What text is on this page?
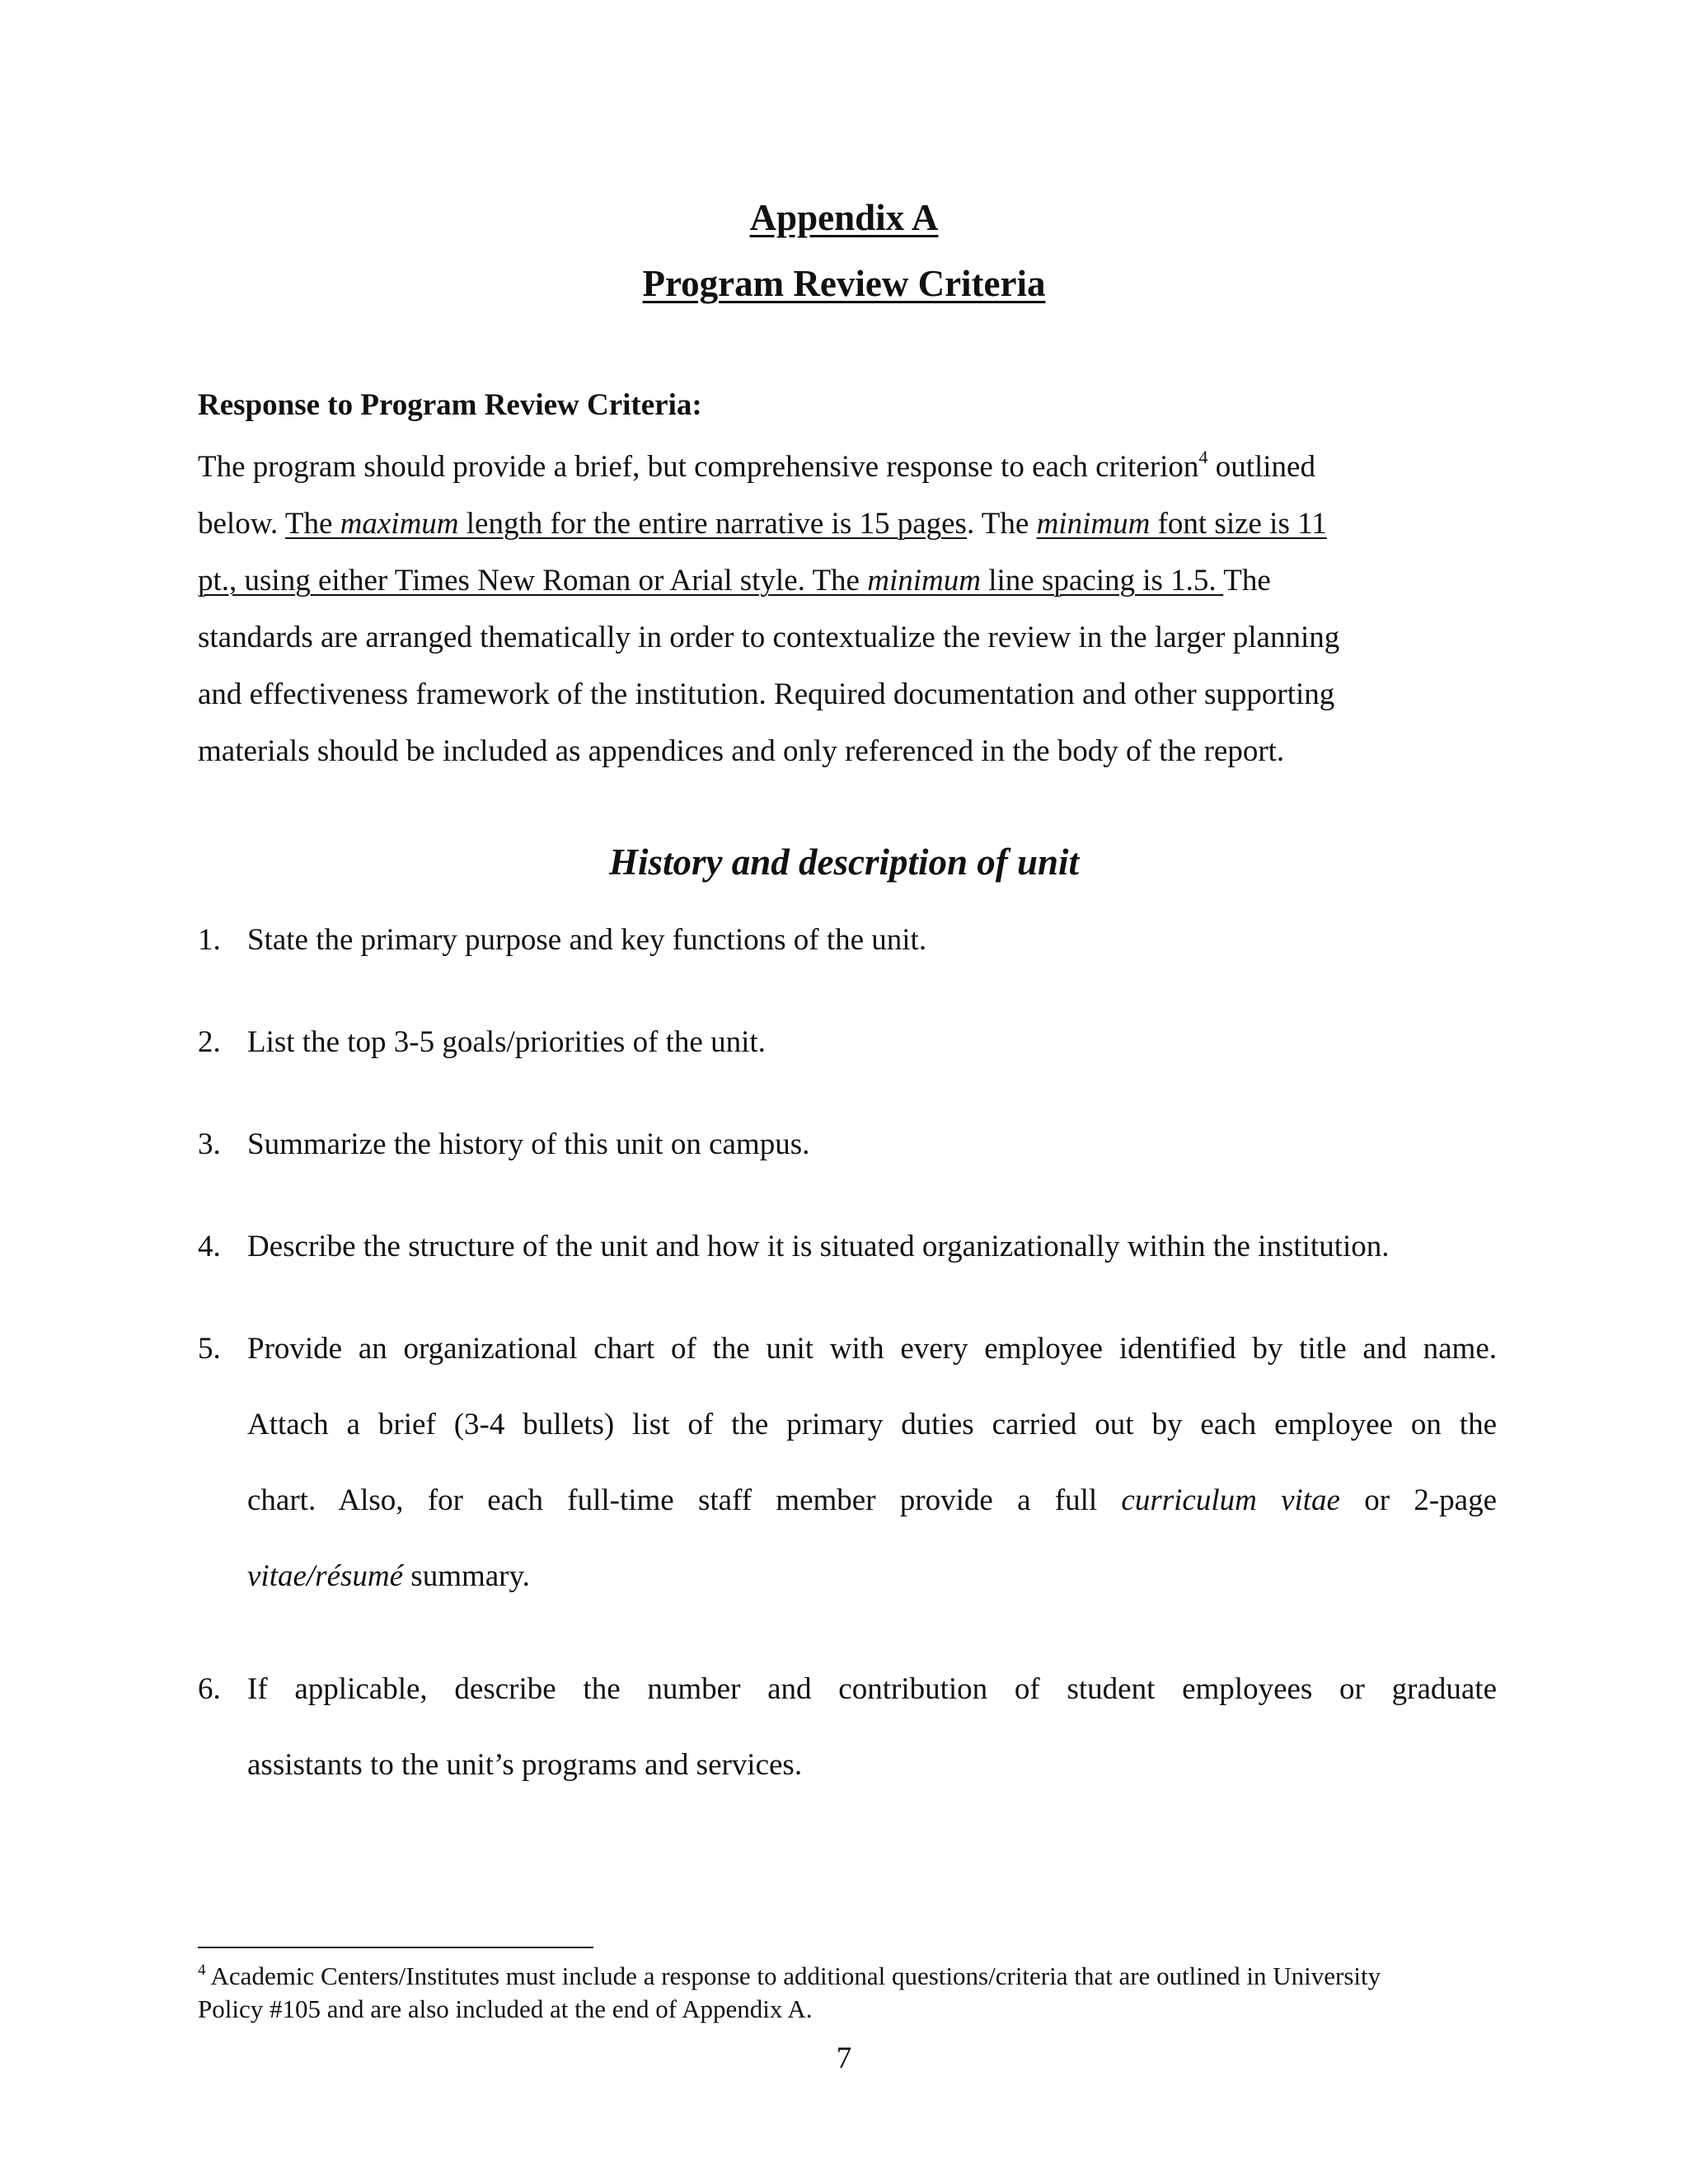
Appendix A
Program Review Criteria
Response to Program Review Criteria:
The program should provide a brief, but comprehensive response to each criterion$^4$ outlined
below. The maximum length for the entire narrative is 15 pages. The minimum font size is 11
pt., using either Times New Roman or Arial style. The minimum line spacing is 1.5. The
standards are arranged thematically in order to contextualize the review in the larger planning
and effectiveness framework of the institution. Required documentation and other supporting
materials should be included as appendices and only referenced in the body of the report.
History and description of unit
1. State the primary purpose and key functions of the unit.
2. List the top 3-5 goals/priorities of the unit.
3. Summarize the history of this unit on campus.
4. Describe the structure of the unit and how it is situated organizationally within the institution.
5. Provide an organizational chart of the unit with every employee identified by title and name.
Attach a brief (3-4 bullets) list of the primary duties carried out by each employee on the
chart. Also, for each full-time staff member provide a full curriculum vitae or 2-page
vitae/résumé summary.
6. If applicable, describe the number and contribution of student employees or graduate
assistants to the unit’s programs and services.
$^4$ Academic Centers/Institutes must include a response to additional questions/criteria that are outlined in University
Policy #105 and are also included at the end of Appendix A.
7
